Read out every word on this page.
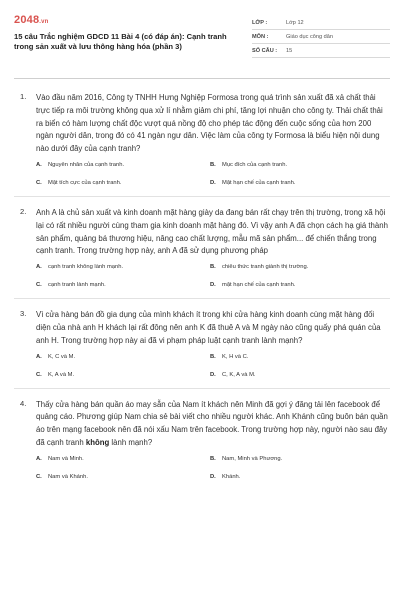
2048.vn
15 câu Trắc nghiệm GDCD 11 Bài 4 (có đáp án): Cạnh tranh trong sản xuất và lưu thông hàng hóa (phần 3)
LỚP :	Lớp 12
MÔN :	Giáo dục công dân
SỐ CÂU :	15
1. Vào đầu năm 2016, Công ty TNHH Hưng Nghiệp Formosa trong quá trình sản xuất đã xả chất thải trực tiếp ra môi trường không qua xử lí nhằm giảm chi phí, tăng lợi nhuận cho công ty. Thải chất thải ra biển có hàm lượng chất độc vượt quá nồng độ cho phép tác động đến cuộc sống của hơn 200 ngàn người dân, trong đó có 41 ngàn ngư dân. Việc làm của công ty Formosa là biểu hiện nội dung nào dưới đây của cạnh tranh?
A.	Nguyên nhân của cạnh tranh.	B.	Mục đích của cạnh tranh.
C.	Mặt tích cực của cạnh tranh.	D.	Mặt hạn chế của cạnh tranh.
2. Anh A là chủ sản xuất và kinh doanh mặt hàng giày da đang bán rất chạy trên thị trường, trong xã hội lại có rất nhiều người cùng tham gia kinh doanh mặt hàng đó. Vì vậy anh A đã chọn cách hạ giá thành sản phẩm, quảng bá thương hiệu, nâng cao chất lượng, mẫu mã sản phẩm... để chiến thắng trong cạnh tranh. Trong trường hợp này, anh A đã sử dụng phương pháp
A.	cạnh tranh không lành mạnh.	B.	chiêu thức tranh giành thị trường.
C.	cạnh tranh lành mạnh.	D.	mặt hạn chế của cạnh tranh.
3. Vì cửa hàng bán đồ gia dụng của mình khách ít trong khi cửa hàng kinh doanh cùng mặt hàng đối diện của nhà anh H khách lại rất đông nên anh K đã thuê A và M ngày nào cũng quấy phá quán của anh H. Trong trường hợp này ai đã vi phạm pháp luật cạnh tranh lành mạnh?
A.	K, C và M.	B.	K, H và C.
C.	K, A và M.	D.	C, K, A và M.
4. Thấy cửa hàng bán quần áo may sẵn của Nam ít khách nên Minh đã gợi ý đăng tải lên facebook để quảng cáo. Phương giúp Nam chia sẻ bài viết cho nhiều người khác. Anh Khánh cũng buôn bán quần áo trên mạng facebook nên đã nói xấu Nam trên facebook. Trong trường hợp này, người nào sau đây đã cạnh tranh không lành mạnh?
A.	Nam và Minh.	B.	Nam, Minh và Phương.
C.	Nam và Khánh.	D.	Khánh.
